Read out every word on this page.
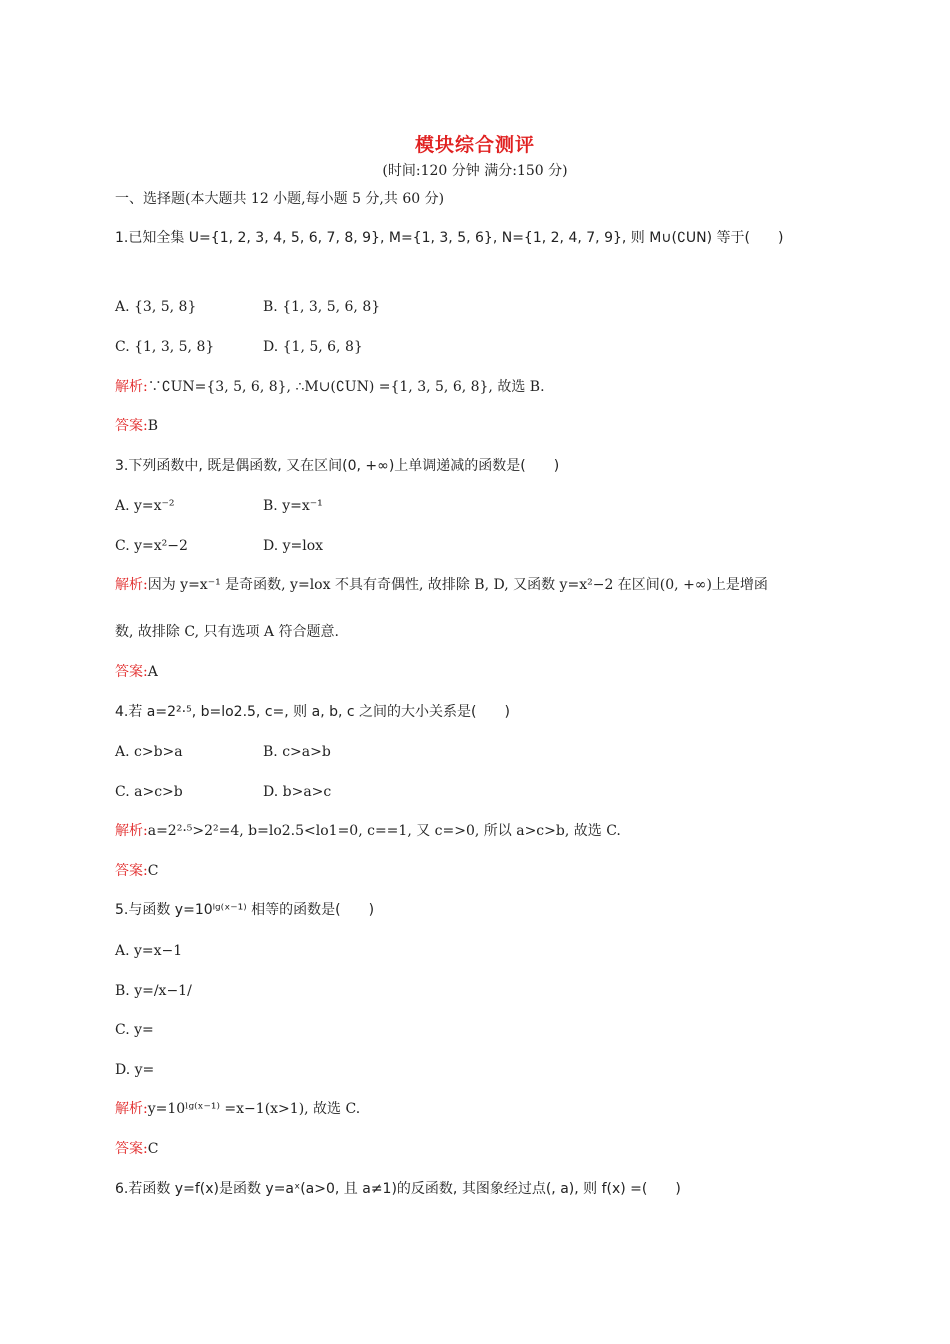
模块综合测评
(时间:120 分钟 满分:150 分)
一、选择题(本大题共 12 小题,每小题 5 分,共 60 分)
1.已知全集 U={1, 2, 3, 4, 5, 6, 7, 8, 9}, M={1, 3, 5, 6}, N={1, 2, 4, 7, 9}, 则 M∪(∁UN) 等于(　　)
A. {3, 5, 8}	B. {1, 3, 5, 6, 8}
C. {1, 3, 5, 8}	D. {1, 5, 6, 8}
解析:∵∁UN={3, 5, 6, 8}, ∴M∪(∁UN) ={1, 3, 5, 6, 8}, 故选 B.
答案:B
3.下列函数中, 既是偶函数, 又在区间(0, +∞)上单调递减的函数是(　　)
A. y=x⁻²	B. y=x⁻¹
C. y=x²−2	D. y=lox
解析:因为 y=x⁻¹ 是奇函数, y=lox 不具有奇偶性, 故排除 B, D, 又函数 y=x²−2 在区间(0, +∞)上是增函
数, 故排除 C, 只有选项 A 符合题意.
答案:A
4.若 a=2²·⁵, b=lo2.5, c=, 则 a, b, c 之间的大小关系是(　　)
A. c>b>a	B. c>a>b
C. a>c>b	D. b>a>c
解析:a=2²·⁵>2²=4, b=lo2.5<lo1=0, c==1, 又 c=>0, 所以 a>c>b, 故选 C.
答案:C
5.与函数 y=10ˡᵍ⁽ˣ⁻¹⁾ 相等的函数是(　　)
A. y=x−1
B. y=/x−1/
C. y=
D. y=
解析:y=10ˡᵍ⁽ˣ⁻¹⁾ =x−1(x>1), 故选 C.
答案:C
6.若函数 y=f(x)是函数 y=aˣ(a>0, 且 a≠1)的反函数, 其图象经过点(, a), 则 f(x) =(　　)
